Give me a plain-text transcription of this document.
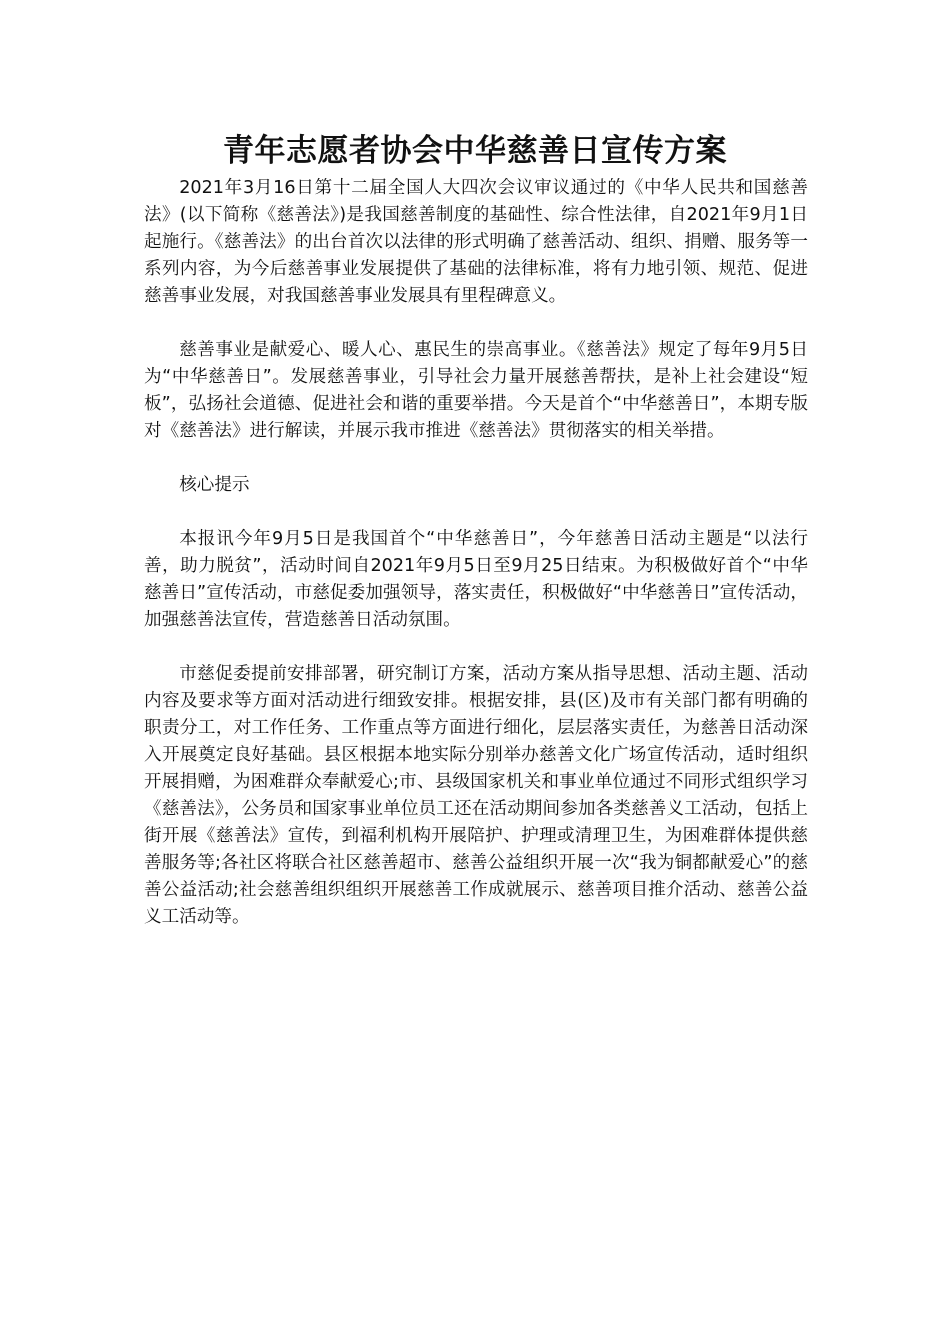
青年志愿者协会中华慈善日宣传方案

2021年3月16日第十二届全国人大四次会议审议通过的《中华人民共和国慈善法》(以下简称《慈善法》)是我国慈善制度的基础性、综合性法律，自2021年9月1日起施行。《慈善法》的出台首次以法律的形式明确了慈善活动、组织、捐赠、服务等一系列内容，为今后慈善事业发展提供了基础的法律标准，将有力地引领、规范、促进慈善事业发展，对我国慈善事业发展具有里程碑意义。

慈善事业是献爱心、暖人心、惠民生的崇高事业。《慈善法》规定了每年9月5日为“中华慈善日”。发展慈善事业，引导社会力量开展慈善帮扶，是补上社会建设“短板”，弘扬社会道德、促进社会和谐的重要举措。今天是首个“中华慈善日”，本期专版对《慈善法》进行解读，并展示我市推进《慈善法》贯彻落实的相关举措。

核心提示

本报讯今年9月5日是我国首个“中华慈善日”，今年慈善日活动主题是“以法行善，助力脱贫”，活动时间自2021年9月5日至9月25日结束。为积极做好首个“中华慈善日”宣传活动，市慈促委加强领导，落实责任，积极做好“中华慈善日”宣传活动，加强慈善法宣传，营造慈善日活动氛围。

市慈促委提前安排部署，研究制订方案，活动方案从指导思想、活动主题、活动内容及要求等方面对活动进行细致安排。根据安排，县(区)及市有关部门都有明确的职责分工，对工作任务、工作重点等方面进行细化，层层落实责任，为慈善日活动深入开展奠定良好基础。县区根据本地实际分别举办慈善文化广场宣传活动，适时组织开展捐赠，为困难群众奉献爱心;市、县级国家机关和事业单位通过不同形式组织学习《慈善法》，公务员和国家事业单位员工还在活动期间参加各类慈善义工活动，包括上街开展《慈善法》宣传，到福利机构开展陪护、护理或清理卫生，为困难群体提供慈善服务等;各社区将联合社区慈善超市、慈善公益组织开展一次“我为铜都献爱心”的慈善公益活动;社会慈善组织组织开展慈善工作成就展示、慈善项目推介活动、慈善公益义工活动等。
